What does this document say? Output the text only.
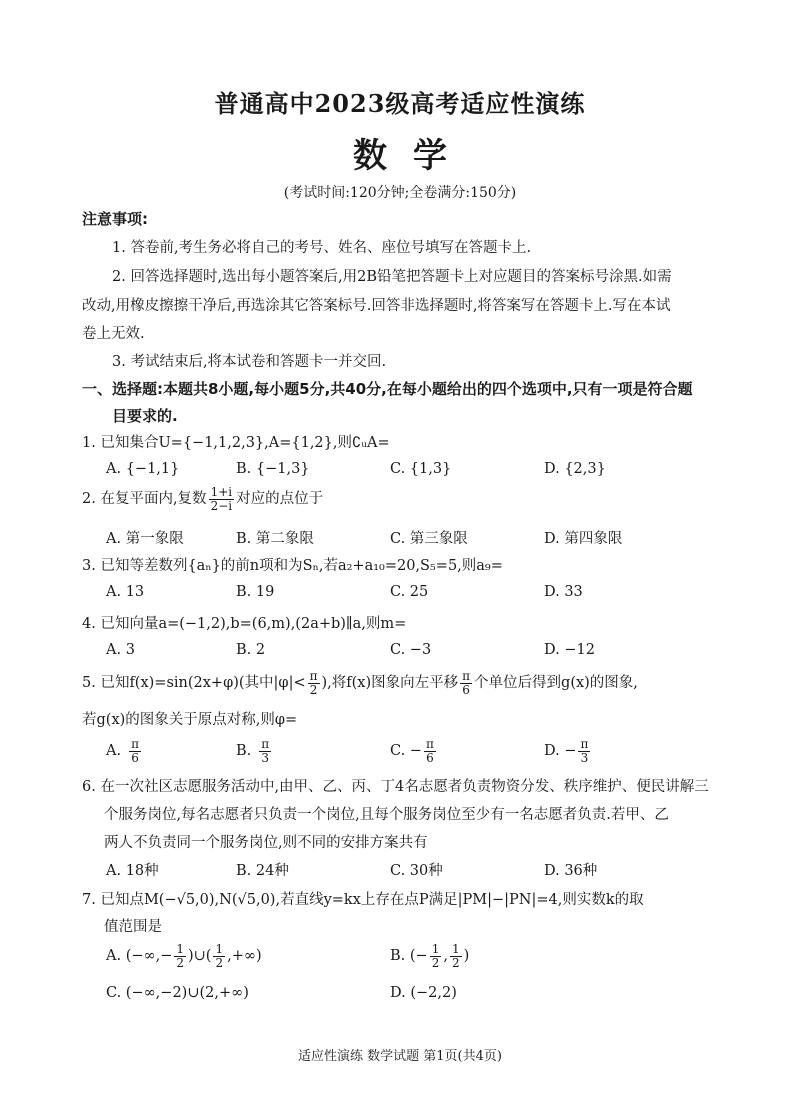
普通高中2023级高考适应性演练
数学
(考试时间:120分钟;全卷满分:150分)
注意事项:
1. 答卷前,考生务必将自己的考号、姓名、座位号填写在答题卡上.
2. 回答选择题时,选出每小题答案后,用2B铅笔把答题卡上对应题目的答案标号涂黑.如需
改动,用橡皮擦擦干净后,再选涂其它答案标号.回答非选择题时,将答案写在答题卡上.写在本试
卷上无效.
3. 考试结束后,将本试卷和答题卡一并交回.
一、选择题:本题共8小题,每小题5分,共40分,在每小题给出的四个选项中,只有一项是符合题
目要求的.
1. 已知集合U={−1,1,2,3},A={1,2},则∁ᵤA=
A. {−1,1}	B. {−1,3}	C. {1,3}	D. {2,3}
2. 在复平面内,复数 $\frac{1+i}{2-i}$ 对应的点位于
A. 第一象限	B. 第二象限	C. 第三象限	D. 第四象限
3. 已知等差数列{aₙ}的前n项和为Sₙ,若a₂+a₁₀=20,S₅=5,则a₉=
A. 13	B. 19	C. 25	D. 33
4. 已知向量a=(−1,2),b=(6,m),(2a+b)∥a,则m=
A. 3	B. 2	C. −3	D. −12
5. 已知f(x)=sin(2x+φ)(其中$|\varphi|< \frac{\pi}{2}$ ),将f(x)图象向左平移 $\frac{\pi}{6}$ 个单位后得到g(x)的图象,
若g(x)的图象关于原点对称,则φ=
A. $\frac{\pi}{6}$	B. $\frac{\pi}{3}$	C. − $\frac{\pi}{6}$	D. − $\frac{\pi}{3}$
6. 在一次社区志愿服务活动中,由甲、乙、丙、丁4名志愿者负责物资分发、秩序维护、便民讲解三
个服务岗位,每名志愿者只负责一个岗位,且每个服务岗位至少有一名志愿者负责.若甲、乙
两人不负责同一个服务岗位,则不同的安排方案共有
A. 18种	B. 24种	C. 30种	D. 36种
7. 已知点M(−√5,0),N(√5,0),若直线y=kx上存在点P满足|PM|−|PN|=4,则实数k的取
值范围是
A. (−∞,− $\frac{1}{2}$ )∪( $\frac{1}{2}$ ,+∞)	B. (− $\frac{1}{2}$ , $\frac{1}{2}$ )
C. (−∞,−2)∪(2,+∞)	D. (−2,2)
适应性演练 数学试题 第1页(共4页)
